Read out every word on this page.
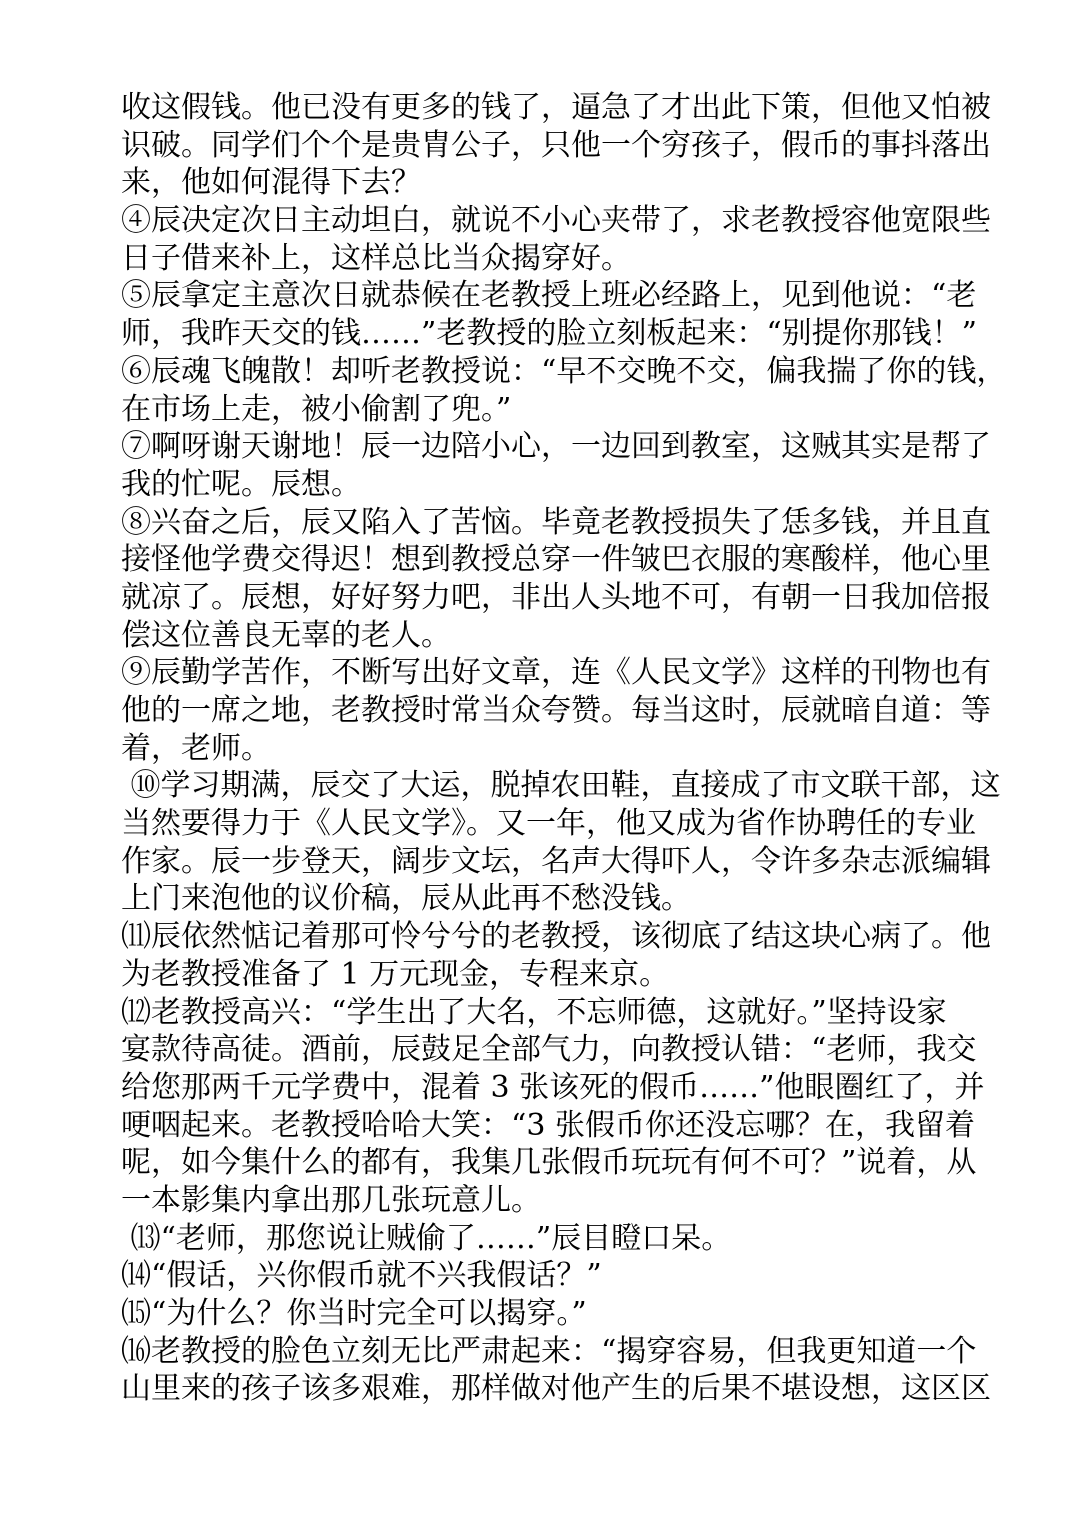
收这假钱。他已没有更多的钱了，逼急了才出此下策，但他又怕被
识破。同学们个个是贵胄公子，只他一个穷孩子，假币的事抖落出
来，他如何混得下去？
④辰决定次日主动坦白，就说不小心夹带了，求老教授容他宽限些
日子借来补上，这样总比当众揭穿好。
⑤辰拿定主意次日就恭候在老教授上班必经路上，见到他说：“老
师，我昨天交的钱……”老教授的脸立刻板起来：“别提你那钱！”
⑥辰魂飞魄散！却听老教授说：“早不交晚不交，偏我揣了你的钱，
在市场上走，被小偷割了兜。”
⑦啊呀谢天谢地！辰一边陪小心，一边回到教室，这贼其实是帮了
我的忙呢。辰想。
⑧兴奋之后，辰又陷入了苦恼。毕竟老教授损失了恁多钱，并且直
接怪他学费交得迟！想到教授总穿一件皱巴衣服的寒酸样，他心里
就凉了。辰想，好好努力吧，非出人头地不可，有朝一日我加倍报
偿这位善良无辜的老人。
⑨辰勤学苦作，不断写出好文章，连《人民文学》这样的刊物也有
他的一席之地，老教授时常当众夸赞。每当这时，辰就暗自道：等
着，老师。
⑩学习期满，辰交了大运，脱掉农田鞋，直接成了市文联干部，这
当然要得力于《人民文学》。又一年，他又成为省作协聘任的专业
作家。辰一步登天，阔步文坛，名声大得吓人，令许多杂志派编辑
上门来泡他的议价稿，辰从此再不愁没钱。
⑾辰依然惦记着那可怜兮兮的老教授，该彻底了结这块心病了。他
为老教授准备了 1 万元现金，专程来京。
⑿老教授高兴：“学生出了大名，不忘师德，这就好。”坚持设家
宴款待高徒。酒前，辰鼓足全部气力，向教授认错：“老师，我交
给您那两千元学费中，混着 3 张该死的假币……”他眼圈红了，并
哽咽起来。老教授哈哈大笑：“3 张假币你还没忘哪？在，我留着
呢，如今集什么的都有，我集几张假币玩玩有何不可？”说着，从
一本影集内拿出那几张玩意儿。
⒀“老师，那您说让贼偷了……”辰目瞪口呆。
⒁“假话，兴你假币就不兴我假话？”
⒂“为什么？你当时完全可以揭穿。”
⒃老教授的脸色立刻无比严肃起来：“揭穿容易，但我更知道一个
山里来的孩子该多艰难，那样做对他产生的后果不堪设想，这区区
